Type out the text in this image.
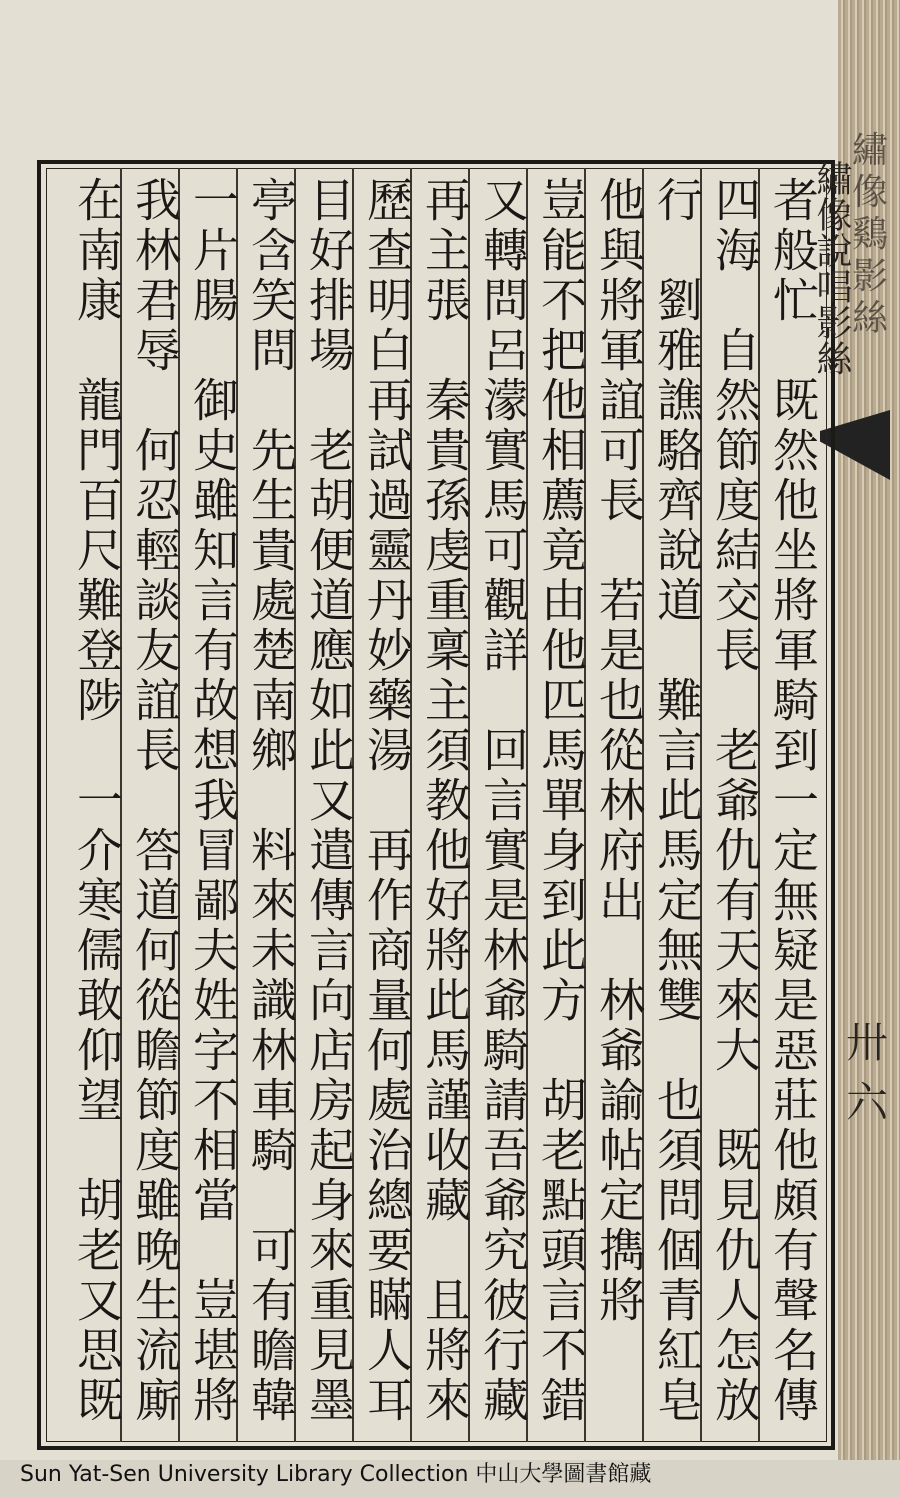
繡像鷄影絲
卅六
繡像說唱影絲
者般忙　既然他坐將軍騎到一定無疑是惡莊他頗有聲名傳
四海　自然節度結交長　老爺仇有天來大　既見仇人怎放
行　劉雅譙駱齊說道　難言此馬定無雙　也須問個青紅皂
他與將軍誼可長　若是也從林府出　林爺諭帖定擕將
豈能不把他相薦竟由他匹馬單身到此方　胡老點頭言不錯
又轉問呂濛實馬可觀詳　回言實是林爺騎請吾爺究彼行藏
再主張　秦貴孫虔重稟主須教他好將此馬謹收藏　且將來
歷查明白再試過靈丹妙藥湯　再作商量何處治總要瞞人耳
目好排場　老胡便道應如此又遣傳言向店房起身來重見墨
亭含笑問　先生貴處楚南鄉　料來未識林車騎　可有瞻韓
一片腸　御史雖知言有故想我冒鄙夫姓字不相當　豈堪將
我林君辱　何忍輕談友誼長　答道何從瞻節度雖晚生流廝
在南康　龍門百尺難登陟　一介寒儒敢仰望　胡老又思既
Sun Yat-Sen University Library Collection 中山大學圖書館藏
